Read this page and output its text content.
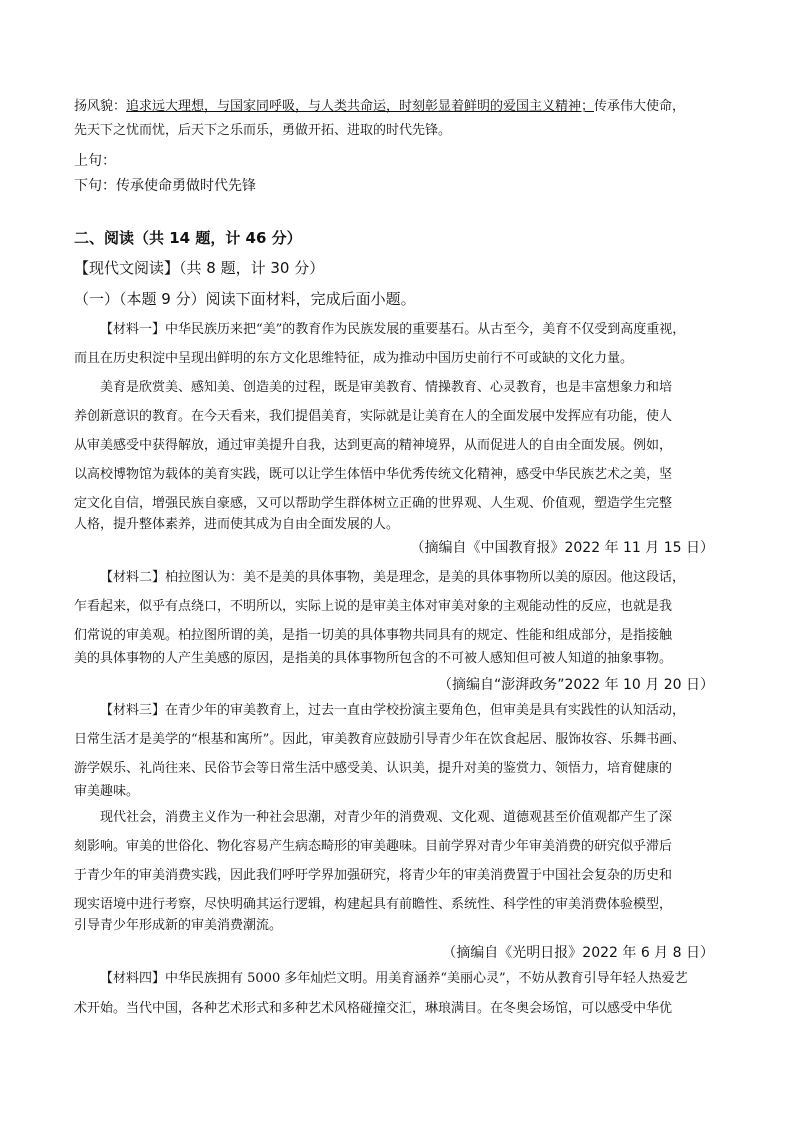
扬风貌：追求远大理想，与国家同呼吸，与人类共命运，时刻彰显着鲜明的爱国主义精神；传承伟大使命，
先天下之忧而忧，后天下之乐而乐，勇做开拓、进取的时代先锋。
上句：
下句：传承使命勇做时代先锋
二、阅读（共 14 题，计 46 分）
【现代文阅读】（共 8 题，计 30 分）
（一）（本题 9 分）阅读下面材料，完成后面小题。
【材料一】中华民族历来把“美”的教育作为民族发展的重要基石。从古至今，美育不仅受到高度重视，
而且在历史积淀中呈现出鲜明的东方文化思维特征，成为推动中国历史前行不可或缺的文化力量。
美育是欣赏美、感知美、创造美的过程，既是审美教育、情操教育、心灵教育，也是丰富想象力和培
养创新意识的教育。在今天看来，我们提倡美育，实际就是让美育在人的全面发展中发挥应有功能，使人
从审美感受中获得解放，通过审美提升自我，达到更高的精神境界，从而促进人的自由全面发展。例如，
以高校博物馆为载体的美育实践，既可以让学生体悟中华优秀传统文化精神，感受中华民族艺术之美，坚
定文化自信，增强民族自豪感，又可以帮助学生群体树立正确的世界观、人生观、价值观，塑造学生完整
人格，提升整体素养，进而使其成为自由全面发展的人。
（摘编自《中国教育报》2022 年 11 月 15 日）
【材料二】柏拉图认为：美不是美的具体事物，美是理念，是美的具体事物所以美的原因。他这段话，
乍看起来，似乎有点绕口，不明所以，实际上说的是审美主体对审美对象的主观能动性的反应，也就是我
们常说的审美观。柏拉图所谓的美，是指一切美的具体事物共同具有的规定、性能和组成部分，是指接触
美的具体事物的人产生美感的原因，是指美的具体事物所包含的不可被人感知但可被人知道的抽象事物。
（摘编自“澎湃政务”2022 年 10 月 20 日）
【材料三】在青少年的审美教育上，过去一直由学校扮演主要角色，但审美是具有实践性的认知活动，
日常生活才是美学的“根基和寓所”。因此，审美教育应鼓励引导青少年在饮食起居、服饰妆容、乐舞书画、
游学娱乐、礼尚往来、民俗节会等日常生活中感受美、认识美，提升对美的鉴赏力、领悟力，培育健康的
审美趣味。
现代社会，消费主义作为一种社会思潮，对青少年的消费观、文化观、道德观甚至价值观都产生了深
刻影响。审美的世俗化、物化容易产生病态畸形的审美趣味。目前学界对青少年审美消费的研究似乎滞后
于青少年的审美消费实践，因此我们呼吁学界加强研究，将青少年的审美消费置于中国社会复杂的历史和
现实语境中进行考察，尽快明确其运行逻辑，构建起具有前瞻性、系统性、科学性的审美消费体验模型，
引导青少年形成新的审美消费潮流。
（摘编自《光明日报》2022 年 6 月 8 日）
【材料四】中华民族拥有 5000 多年灿烂文明。用美育涵养“美丽心灵”，不妨从教育引导年轻人热爱艺
术开始。当代中国，各种艺术形式和多种艺术风格碰撞交汇，琳琅满目。在冬奥会场馆，可以感受中华优
